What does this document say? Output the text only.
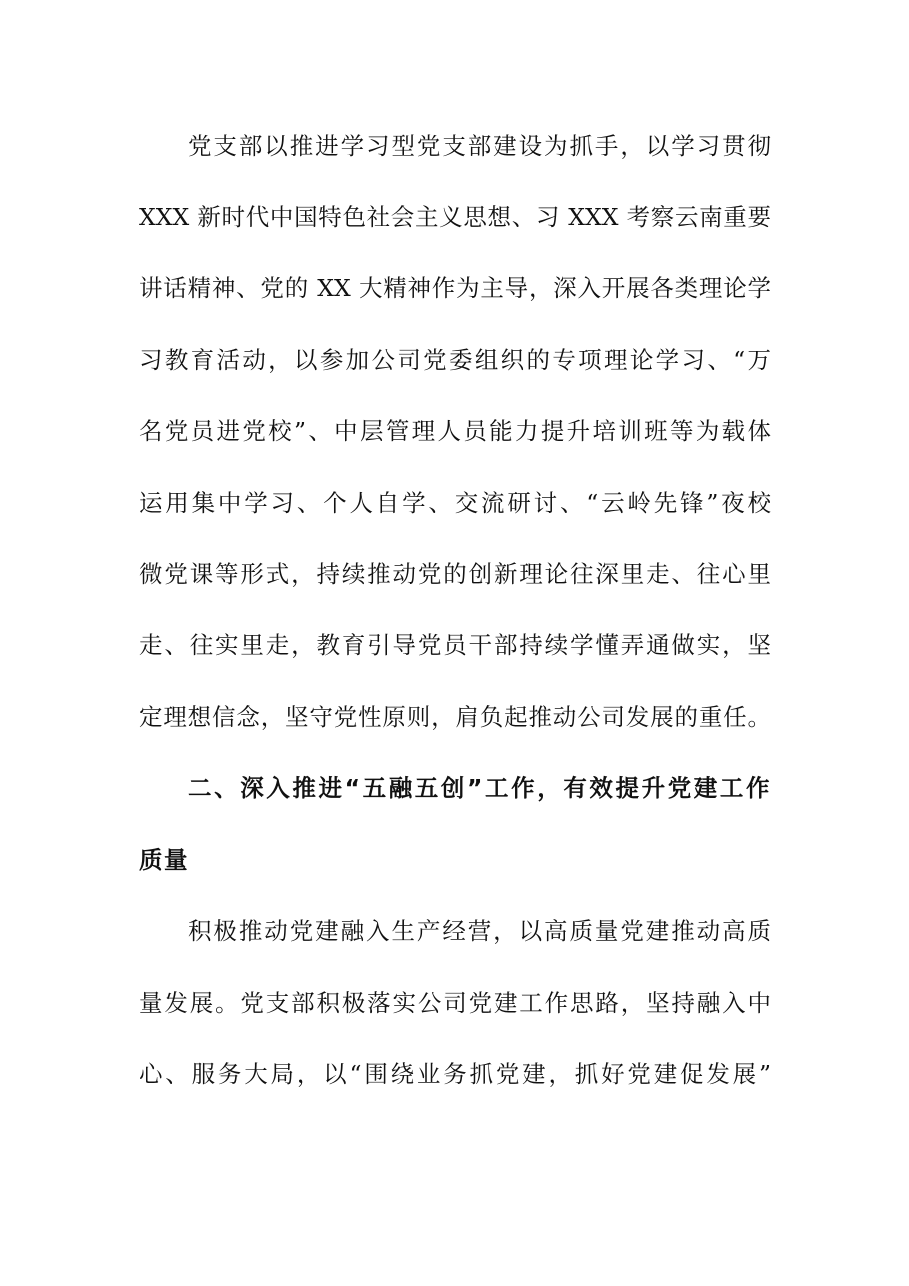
党支部以推进学习型党支部建设为抓手，以学习贯彻
XXX 新时代中国特色社会主义思想、习 XXX 考察云南重要
讲话精神、党的 XX 大精神作为主导，深入开展各类理论学
习教育活动，以参加公司党委组织的专项理论学习、“万
名党员进党校”、中层管理人员能力提升培训班等为载体
运用集中学习、个人自学、交流研讨、“云岭先锋”夜校
微党课等形式，持续推动党的创新理论往深里走、往心里
走、往实里走，教育引导党员干部持续学懂弄通做实，坚
定理想信念，坚守党性原则，肩负起推动公司发展的重任。
二、深入推进“五融五创”工作，有效提升党建工作
质量
积极推动党建融入生产经营，以高质量党建推动高质
量发展。党支部积极落实公司党建工作思路，坚持融入中
心、服务大局，以“围绕业务抓党建，抓好党建促发展”
